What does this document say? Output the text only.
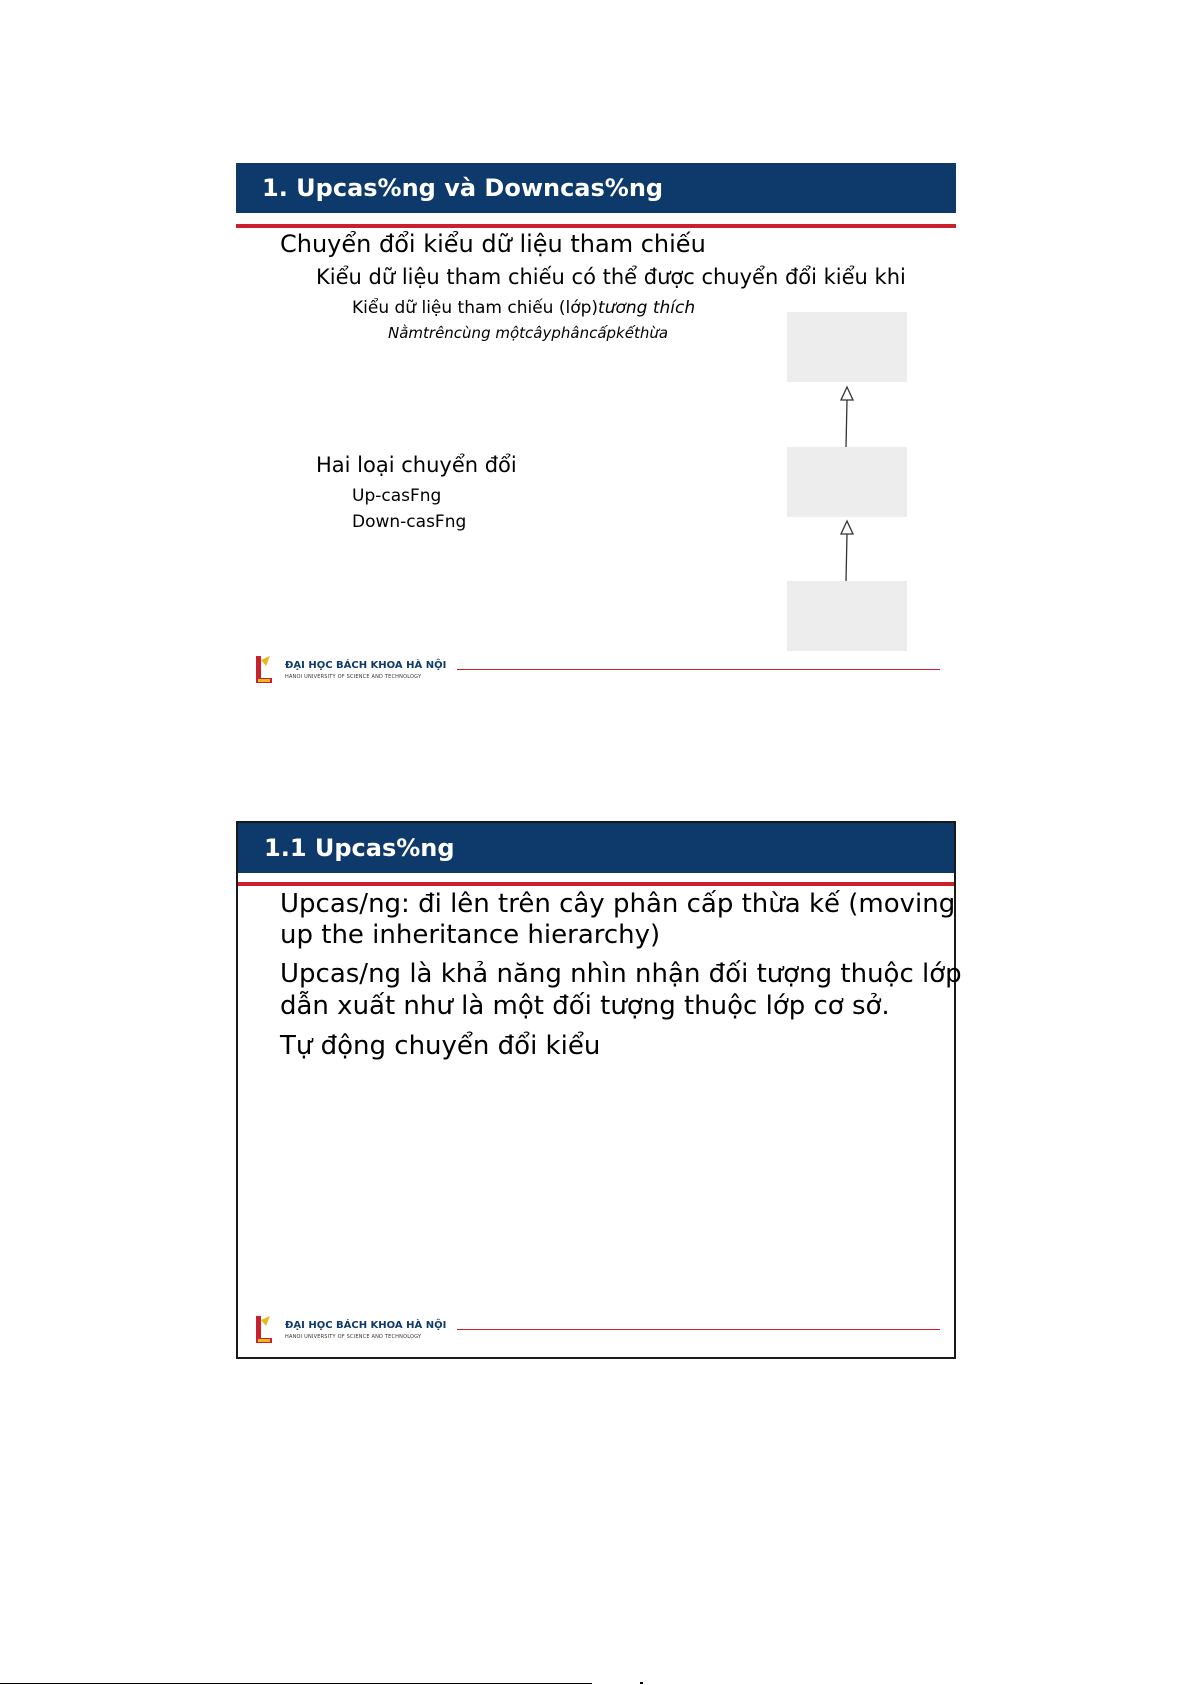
1. Upcas%ng và Downcas%ng
Chuyển đổi kiểu dữ liệu tham chiếu
Kiểu dữ liệu tham chiếu có thể được chuyển đổi kiểu khi
Kiểu dữ liệu tham chiếu (lớp)tương thích
Nằmtrêncùng mộtcâyphâncấpkếthừa
Hai loại chuyển đổi
Up-casFng
Down-casFng
ĐẠI HỌC BÁCH KHOA HÀ NỘI
HANOI UNIVERSITY OF SCIENCE AND TECHNOLOGY
1.1 Upcas%ng
Upcas/ng: đi lên trên cây phân cấp thừa kế (moving
up the inheritance hierarchy)
Upcas/ng là khả năng nhìn nhận đối tượng thuộc lớp
dẫn xuất như là một đối tượng thuộc lớp cơ sở.
Tự động chuyển đổi kiểu
ĐẠI HỌC BÁCH KHOA HÀ NỘI
HANOI UNIVERSITY OF SCIENCE AND TECHNOLOGY
